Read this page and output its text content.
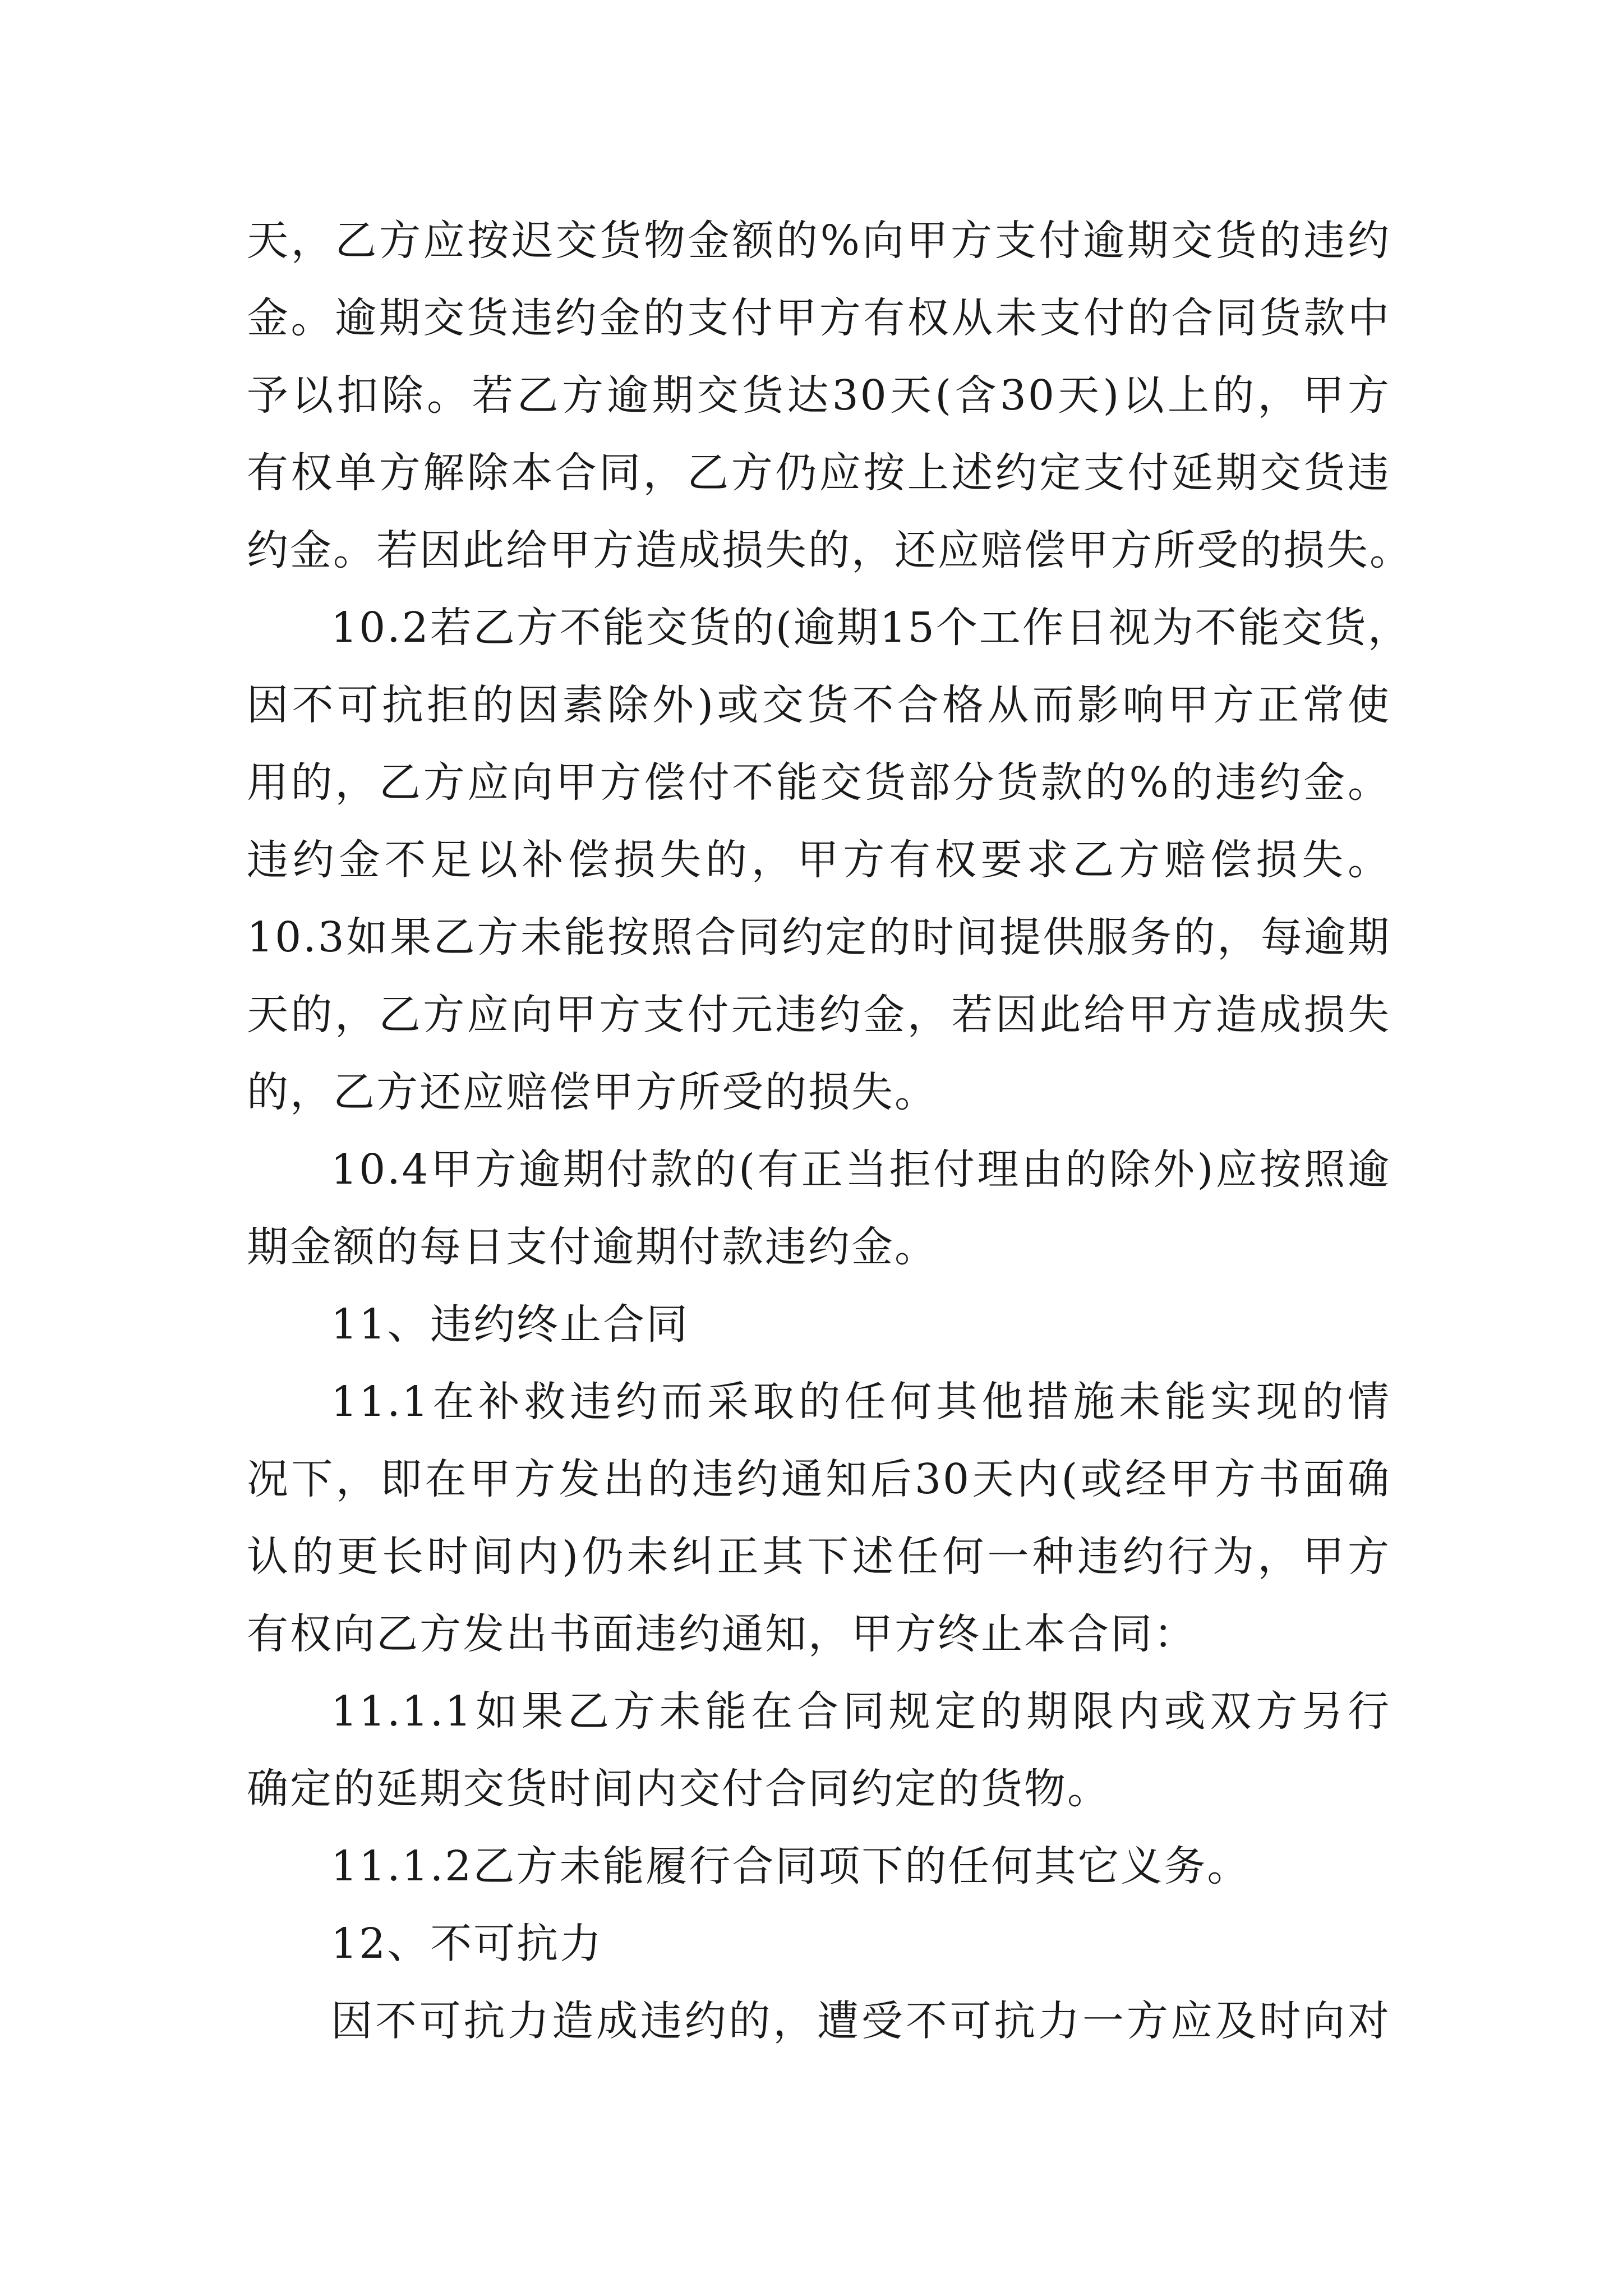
天，乙方应按迟交货物金额的%向甲方支付逾期交货的违约
金。逾期交货违约金的支付甲方有权从未支付的合同货款中
予以扣除。若乙方逾期交货达30天(含30天)以上的，甲方
有权单方解除本合同，乙方仍应按上述约定支付延期交货违
约金。若因此给甲方造成损失的，还应赔偿甲方所受的损失。
10.2若乙方不能交货的(逾期15个工作日视为不能交货，
因不可抗拒的因素除外)或交货不合格从而影响甲方正常使
用的，乙方应向甲方偿付不能交货部分货款的%的违约金。
违约金不足以补偿损失的，甲方有权要求乙方赔偿损失。
10.3如果乙方未能按照合同约定的时间提供服务的，每逾期
天的，乙方应向甲方支付元违约金，若因此给甲方造成损失
的，乙方还应赔偿甲方所受的损失。
10.4甲方逾期付款的(有正当拒付理由的除外)应按照逾
期金额的每日支付逾期付款违约金。
11、违约终止合同
11.1在补救违约而采取的任何其他措施未能实现的情
况下，即在甲方发出的违约通知后30天内(或经甲方书面确
认的更长时间内)仍未纠正其下述任何一种违约行为，甲方
有权向乙方发出书面违约通知，甲方终止本合同：
11.1.1如果乙方未能在合同规定的期限内或双方另行
确定的延期交货时间内交付合同约定的货物。
11.1.2乙方未能履行合同项下的任何其它义务。
12、不可抗力
因不可抗力造成违约的，遭受不可抗力一方应及时向对
